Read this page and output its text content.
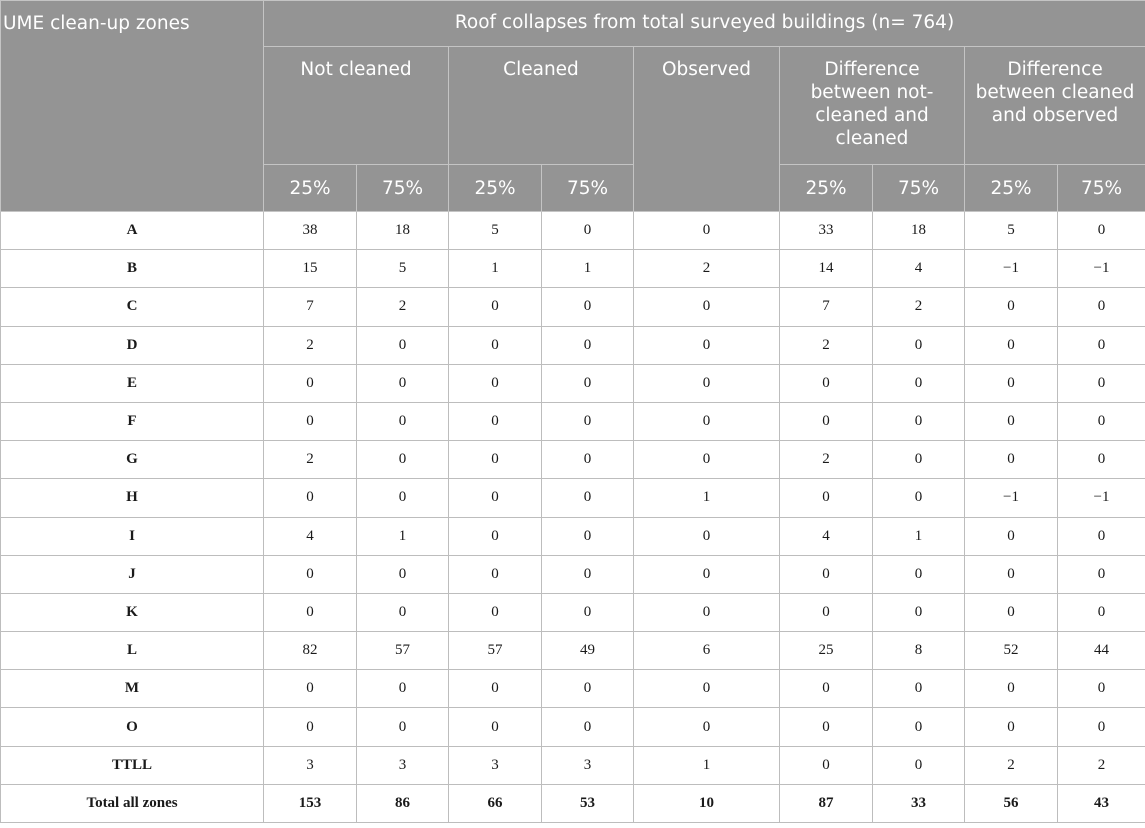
UME clean-up zones	Roof collapses from total surveyed buildings (n= 764)								
	Not cleaned		Cleaned		Observed	Difference between not-cleaned and cleaned		Difference between cleaned and observed	
	25%	75%	25%	75%		25%	75%	25%	75%
A	38	18	5	0	0	33	18	5	0
B	15	5	1	1	2	14	4	−1	−1
C	7	2	0	0	0	7	2	0	0
D	2	0	0	0	0	2	0	0	0
E	0	0	0	0	0	0	0	0	0
F	0	0	0	0	0	0	0	0	0
G	2	0	0	0	0	2	0	0	0
H	0	0	0	0	1	0	0	−1	−1
I	4	1	0	0	0	4	1	0	0
J	0	0	0	0	0	0	0	0	0
K	0	0	0	0	0	0	0	0	0
L	82	57	57	49	6	25	8	52	44
M	0	0	0	0	0	0	0	0	0
O	0	0	0	0	0	0	0	0	0
TTLL	3	3	3	3	1	0	0	2	2
Total all zones	153	86	66	53	10	87	33	56	43
